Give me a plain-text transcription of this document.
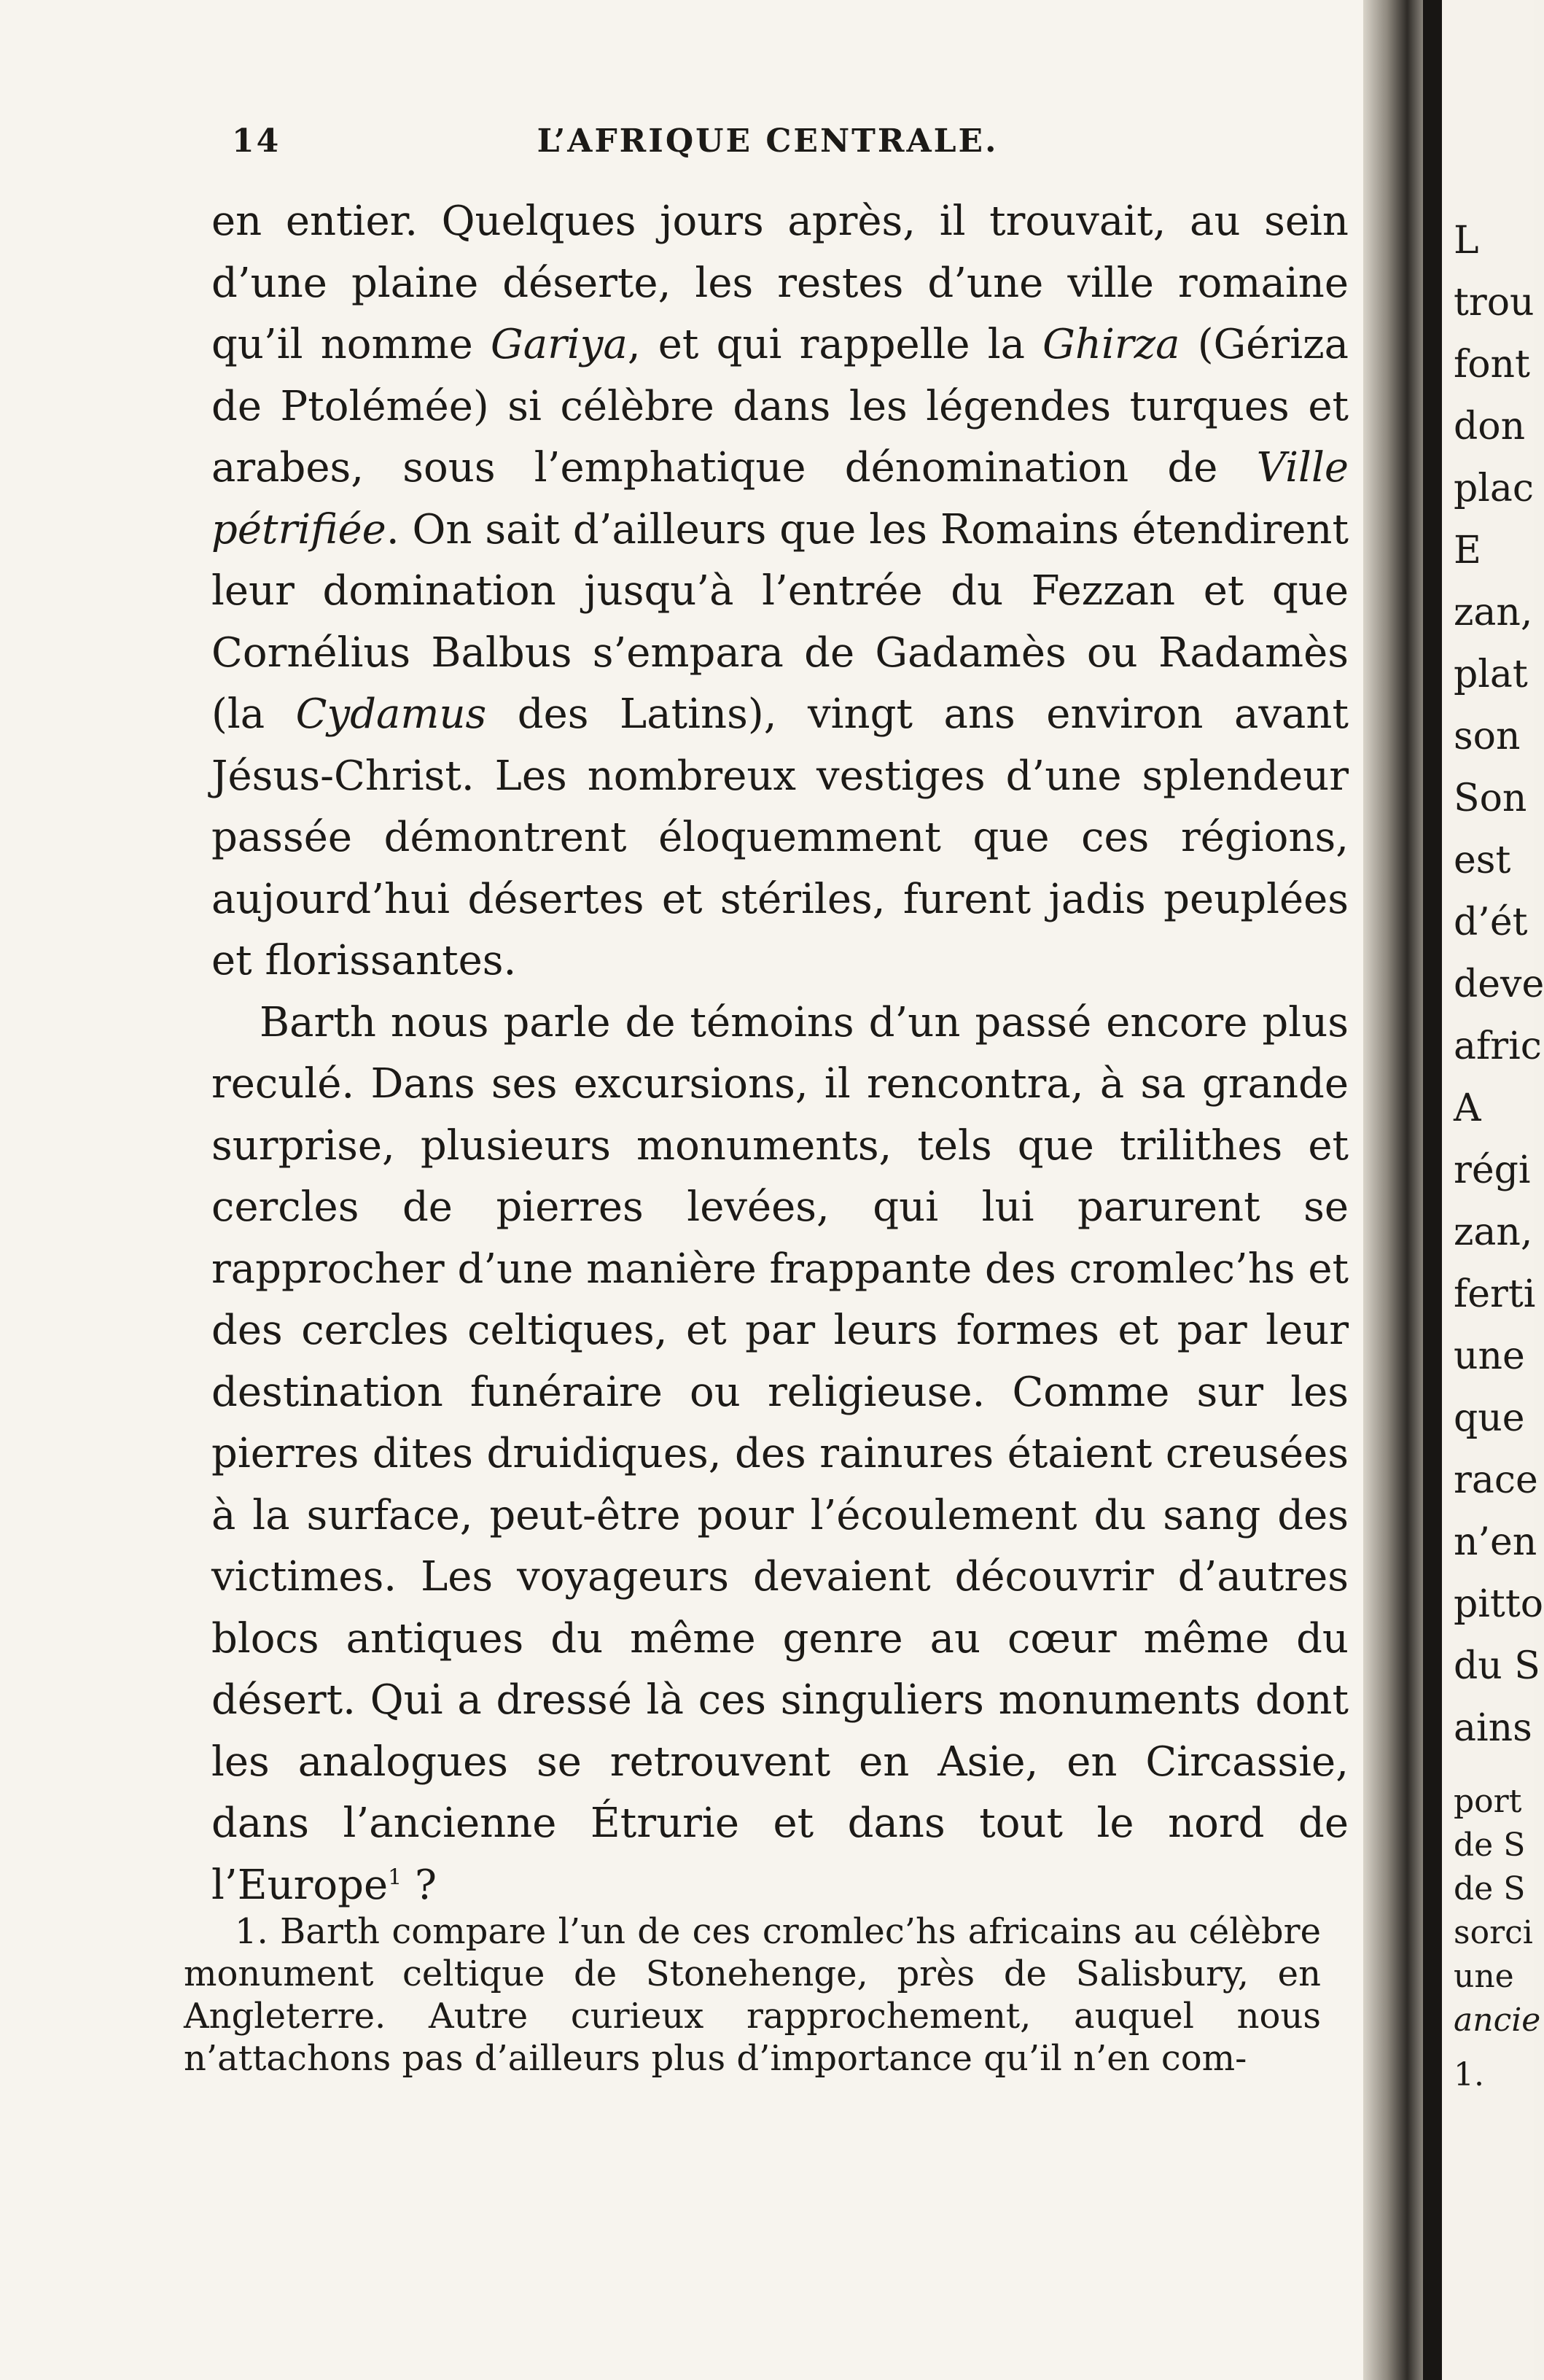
14	L’AFRIQUE CENTRALE.

en entier. Quelques jours après, il trouvait, au sein d’une plaine déserte, les restes d’une ville romaine qu’il nomme Gariya, et qui rappelle la Ghirza (Gériza de Ptolémée) si célèbre dans les légendes turques et arabes, sous l’emphatique dénomination de Ville pétrifiée. On sait d’ailleurs que les Romains étendirent leur domination jusqu’à l’entrée du Fezzan et que Cornélius Balbus s’empara de Gadamès ou Radamès (la Cydamus des Latins), vingt ans environ avant Jésus-Christ. Les nombreux vestiges d’une splendeur passée démontrent éloquemment que ces régions, aujourd’hui désertes et stériles, furent jadis peuplées et florissantes.

Barth nous parle de témoins d’un passé encore plus reculé. Dans ses excursions, il rencontra, à sa grande surprise, plusieurs monuments, tels que trilithes et cercles de pierres levées, qui lui parurent se rapprocher d’une manière frappante des cromlec’hs et des cercles celtiques, et par leurs formes et par leur destination funéraire ou religieuse. Comme sur les pierres dites druidiques, des rainures étaient creusées à la surface, peut-être pour l’écoulement du sang des victimes. Les voyageurs devaient découvrir d’autres blocs antiques du même genre au cœur même du désert. Qui a dressé là ces singuliers monuments dont les analogues se retrouvent en Asie, en Circassie, dans l’ancienne Étrurie et dans tout le nord de l’Europe$^1$ ?

1. Barth compare l’un de ces cromlec’hs africains au célèbre monument celtique de Stonehenge, près de Salisbury, en Angleterre. Autre curieux rapprochement, auquel nous n’attachons pas d’ailleurs plus d’importance qu’il n’en com-
L
trou
font
don
plac
E
zan,
plat
son
Son
est
d’ét
deve
afric
A
régi
zan,
ferti
une
que
race
n’en
pitto
du S
ains
port
de S
de S
sorci
une
ancie
1.
